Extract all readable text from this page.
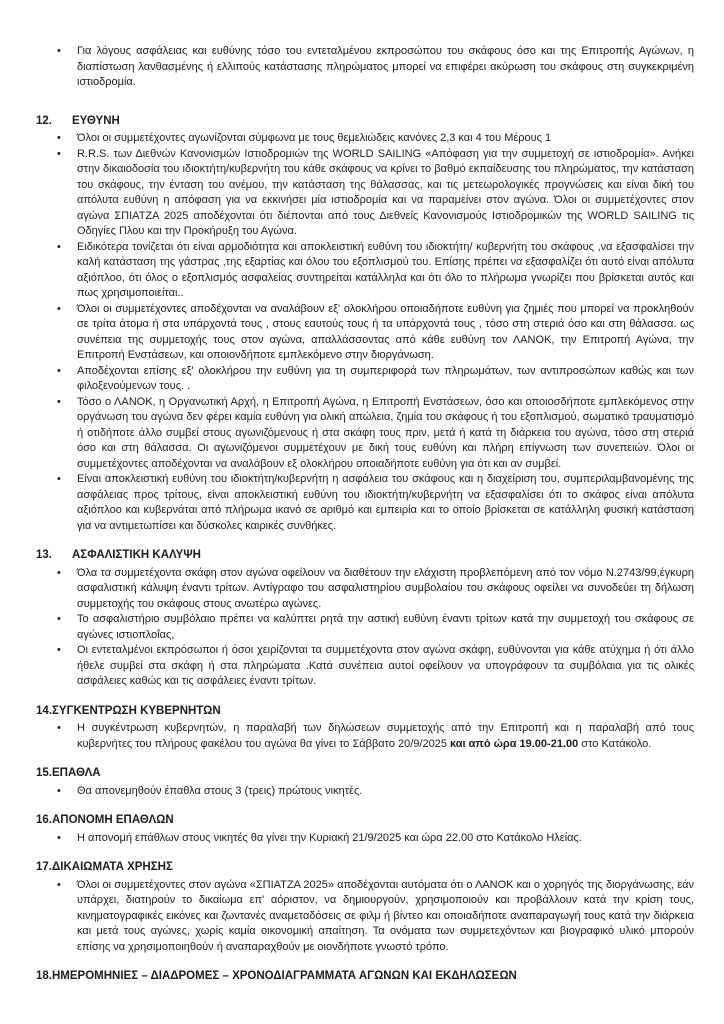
•	Για λόγους ασφάλειας και ευθύνης τόσο του εντεταλμένου εκπροσώπου του σκάφους όσο και της Επιτροπής Αγώνων, η διαπίστωση λανθασμένης ή ελλιπούς κατάστασης πληρώματος μπορεί να επιφέρει ακύρωση του σκάφους στη συγκεκριμένη ιστιοδρομία.

12. ΕΥΘΥΝΗ
•	Όλοι οι συμμετέχοντες αγωνίζονται σύμφωνα με τους θεμελιώδεις κανόνες 2,3 και 4 του Μέρους 1

•	R.R.S. των Διεθνών Κανονισμών Ιστιοδρομιών της WORLD SAILING «Απόφαση για την συμμετοχή σε ιστιοδρομία». Ανήκει στην δικαιοδοσία του ιδιοκτήτη/κυβερνήτη του κάθε σκάφους να κρίνει το βαθμό εκπαίδευσης του πληρώματος, την κατάσταση του σκάφους, την ένταση του ανέμου, την κατάσταση της θάλασσας, και τις μετεωρολογικές προγνώσεις και είναι δική του απόλυτα ευθύνη η απόφαση για να εκκινήσει μία ιστιοδρομία και να παραμείνει στον αγώνα. Όλοι οι συμμετέχοντες στον αγώνα ΣΠΙΑΤΖΑ 2025 αποδέχονται ότι διέπονται από τους Διεθνείς Κανονισμούς Ιστιοδρομικών της WORLD SAILING τις Οδηγίες Πλου και την Προκήρυξη του Αγώνα.

•	Ειδικότερα τονίζεται ότι είναι αρμοδιότητα και αποκλειστική ευθύνη του ιδιοκτήτη/ κυβερνήτη του σκάφους ,να εξασφαλίσει την καλή κατάσταση της γάστρας ,της εξαρτίας και όλου του εξοπλισμού του. Επίσης πρέπει να εξασφαλίζει ότι αυτό είναι απόλυτα αξιόπλοο, ότι όλος ο εξοπλισμός ασφαλείας συντηρείται κατάλληλα και ότι όλο το πλήρωμα γνωρίζει που βρίσκεται αυτός και πως χρησιμοποιείται..

•	Όλοι οι συμμετέχοντες αποδέχονται να αναλάβουν εξ' ολοκλήρου οποιαδήποτε ευθύνη για ζημιές που μπορεί να προκληθούν σε τρίτα άτομα ή στα υπάρχοντά τους , στους εαυτούς τους ή τα υπάρχοντά τους , τόσο στη στεριά όσο και στη θάλασσα. ως συνέπεια της συμμετοχής τους στον αγώνα, απαλλάσσοντας από κάθε ευθύνη τον ΛΑΝΟΚ, την Επιτροπή Αγώνα, την Επιτροπή Ενστάσεων, και οποιονδήποτε εμπλεκόμενο στην διοργάνωση.

•	Αποδέχονται επίσης εξ' ολοκλήρου την ευθύνη για τη συμπεριφορά των πληρωμάτων, των αντιπροσώπων καθώς και των φιλοξενούμενων τους. .

•	Τόσο ο ΛΑΝΟΚ, η Οργανωτική Αρχή, η Επιτροπή Αγώνα, η Επιτροπή Ενστάσεων, όσο και οποιοσδήποτε εμπλεκόμενος στην οργάνωση του αγώνα δεν φέρει καμία ευθύνη για ολική απώλεια, ζημία του σκάφους ή του εξοπλισμού, σωματικό τραυματισμό ή οτιδήποτε άλλο συμβεί στους αγωνιζόμενους ή στα σκάφη τους πριν, μετά ή κατά τη διάρκεια του αγώνα, τόσο στη στεριά όσο και στη θάλασσα. Οι αγωνιζόμενοι συμμετέχουν με δική τους ευθύνη και πλήρη επίγνωση των συνεπειών. Όλοι οι συμμετέχοντες αποδέχονται να αναλάβουν εξ ολοκλήρου οποιαδήποτε ευθύνη για ότι και αν συμβεί.

•	Είναι αποκλειστική ευθύνη του ιδιοκτήτη/κυβερνήτη η ασφάλεια του σκάφους και η διαχείριση του, συμπεριλαμβανομένης της ασφάλειας προς τρίτους, είναι αποκλειστική ευθύνη του ιδιοκτήτη/κυβερνήτη να εξασφαλίσει ότι το σκάφος είναι απόλυτα αξιόπλοο και κυβερνάται από πλήρωμα ικανό σε αριθμό και εμπειρία και το οποίο βρίσκεται σε κατάλληλη φυσική κατάσταση για να αντιμετωπίσει και δύσκολες καιρικές συνθήκες.

13. ΑΣΦΑΛΙΣΤΙΚΗ ΚΑΛΥΨΗ
•	Όλα τα συμμετέχοντα σκάφη στον αγώνα οφείλουν να διαθέτουν την ελάχιστη προβλεπόμενη από τον νόμο Ν.2743/99,έγκυρη ασφαλιστική κάλυψη έναντι τρίτων. Αντίγραφο του ασφαλιστηρίου συμβολαίου του σκάφους οφείλει να συνοδεύει τη δήλωση συμμετοχής του σκάφους στους ανωτέρω αγώνες.

•	Το ασφαλιστήριο συμβόλαιο πρέπει να καλύπτει ρητά την αστική ευθύνη έναντι τρίτων κατά την συμμετοχή του σκάφους σε αγώνες ιστιοπλοΐας,

•	Οι εντεταλμένοι εκπρόσωποι ή όσοι χειρίζονται τα συμμετέχοντα στον αγώνα σκάφη, ευθύνονται για κάθε ατύχημα ή ότι άλλο ήθελε συμβεί στα σκάφη ή στα πληρώματα .Κατά συνέπεια αυτοί οφείλουν να υπογράφουν τα συμβόλαια για τις ολικές ασφάλειες καθώς και τις ασφάλειες έναντι τρίτων.

14.ΣΥΓΚΕΝΤΡΩΣΗ ΚΥΒΕΡΝΗΤΩΝ
•	Η συγκέντρωση κυβερνητών, η παραλαβή των δηλώσεων συμμετοχής από την Επιτροπή και η παραλαβή από τους κυβερνήτες του πλήρους φακέλου του αγώνα θα γίνει το Σάββατο 20/9/2025 και από ώρα 19.00-21.00 στο Κατάκολο.

15.ΕΠΑΘΛΑ
•	Θα απονεμηθούν έπαθλα στους 3 (τρεις) πρώτους νικητές.

16.ΑΠΟΝΟΜΗ ΕΠΑΘΛΩΝ
•	Η απονομή επάθλων στους νικητές θα γίνει την Κυριακή 21/9/2025 και ώρα 22.00 στο Κατάκολο Ηλείας.

17.ΔΙΚΑΙΩΜΑΤΑ ΧΡΗΣΗΣ
•	Όλοι οι συμμετέχοντες στον αγώνα «ΣΠΙΑΤΖΑ 2025» αποδέχονται αυτόματα ότι ο ΛΑΝΟΚ και ο χορηγός της διοργάνωσης, εάν υπάρχει, διατηρούν το δικαίωμα επ' αόριστον, να δημιουργούν, χρησιμοποιούν και προβάλλουν κατά την κρίση τους, κινηματογραφικές εικόνες και ζωντανές αναμεταδόσεις σε φιλμ ή βίντεο και οποιαδήποτε αναπαραγωγή τους κατά την διάρκεια και μετά τους αγώνες, χωρίς καμία οικονομική απαίτηση. Τα ονόματα των συμμετεχόντων και βιογραφικό υλικό μπορούν επίσης να χρησιμοποιηθούν ή αναπαραχθούν με οιονδήποτε γνωστό τρόπο.

18.ΗΜΕΡΟΜΗΝΙΕΣ – ΔΙΑΔΡΟΜΕΣ – ΧΡΟΝΟΔΙΑΓΡΑΜΜΑΤΑ ΑΓΩΝΩΝ ΚΑΙ ΕΚΔΗΛΩΣΕΩΝ
